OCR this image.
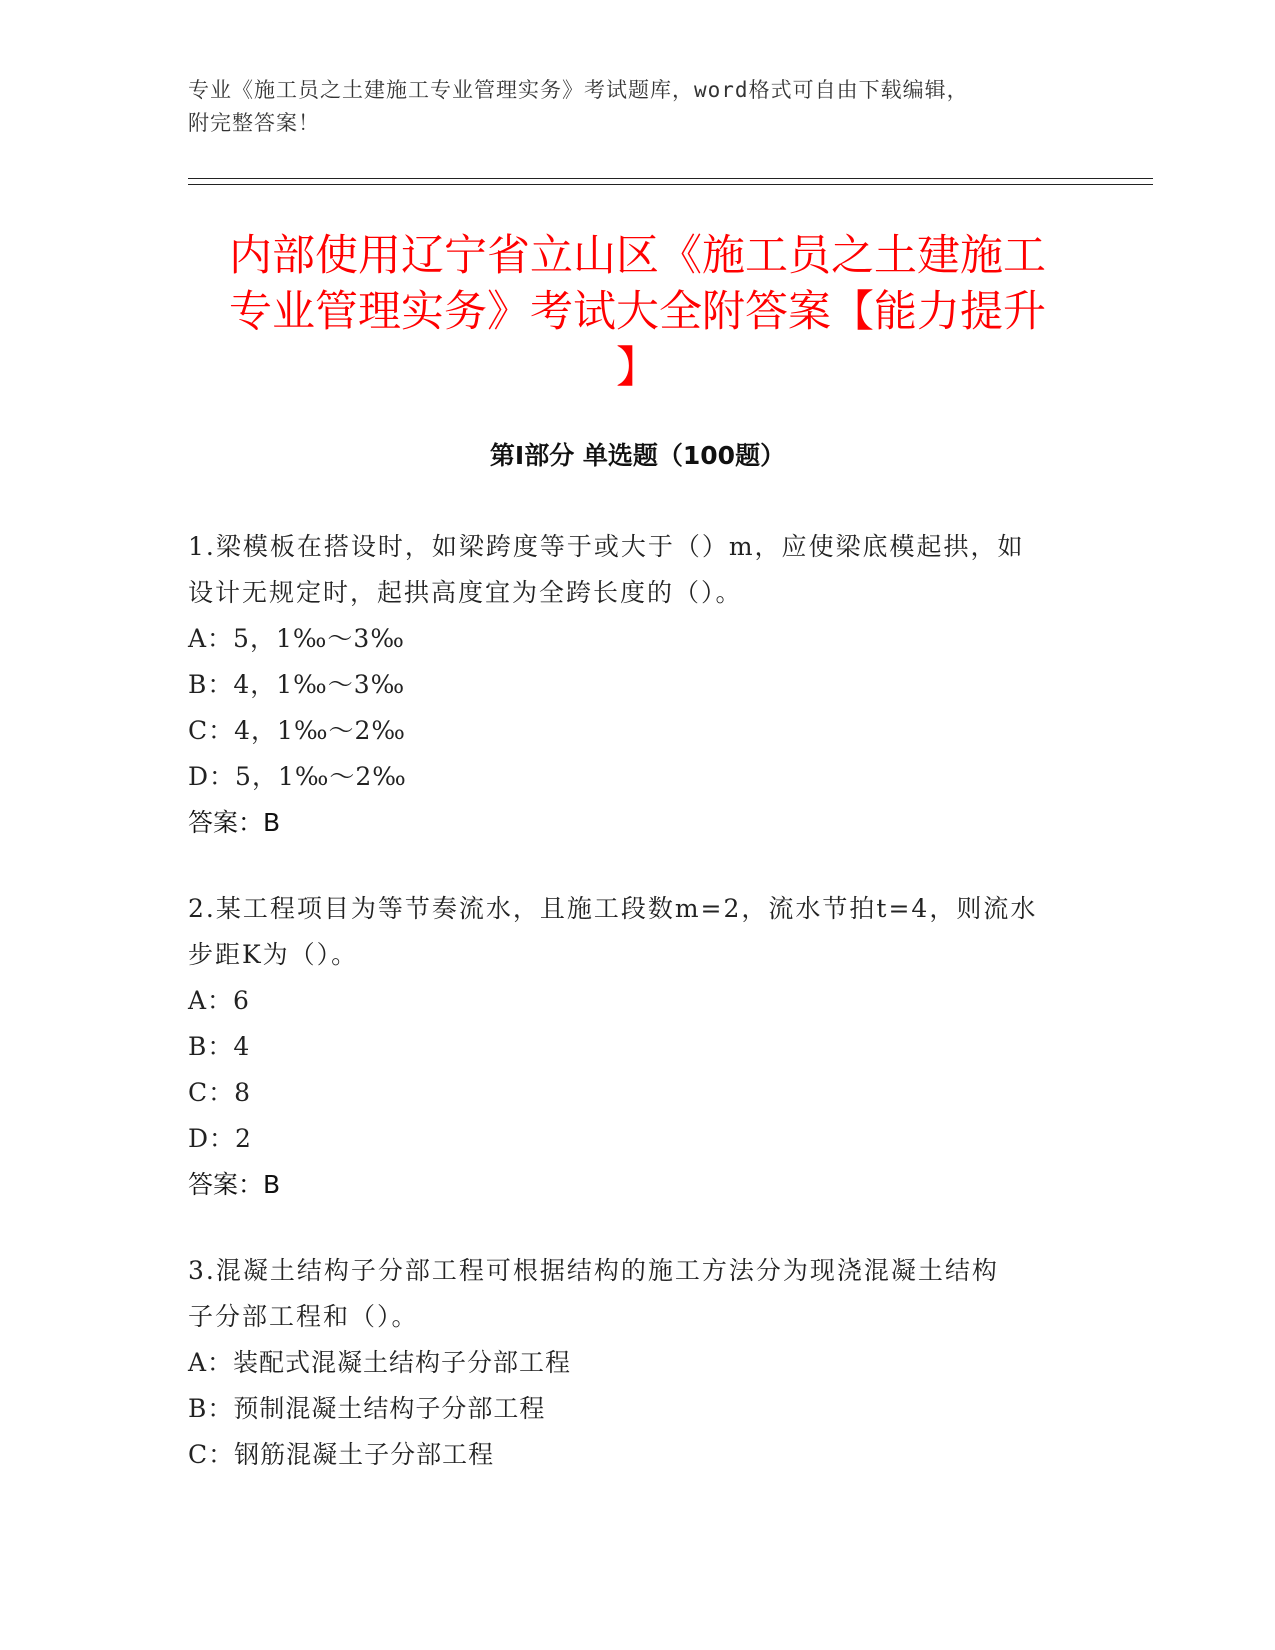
专业《施工员之土建施工专业管理实务》考试题库，word格式可自由下载编辑，
附完整答案！
内部使用辽宁省立山区《施工员之土建施工
专业管理实务》考试大全附答案【能力提升
】
第Ⅰ部分 单选题（100题）

1.梁模板在搭设时，如梁跨度等于或大于（）m，应使梁底模起拱，如

设计无规定时，起拱高度宜为全跨长度的（）。

A：5，1‰～3‰

B：4，1‰～3‰

C：4，1‰～2‰

D：5，1‰～2‰

答案：B

2.某工程项目为等节奏流水，且施工段数m=2，流水节拍t=4，则流水

步距K为（）。

A：6

B：4

C：8

D：2

答案：B

3.混凝土结构子分部工程可根据结构的施工方法分为现浇混凝土结构

子分部工程和（）。

A：装配式混凝土结构子分部工程

B：预制混凝土结构子分部工程

C：钢筋混凝土子分部工程
